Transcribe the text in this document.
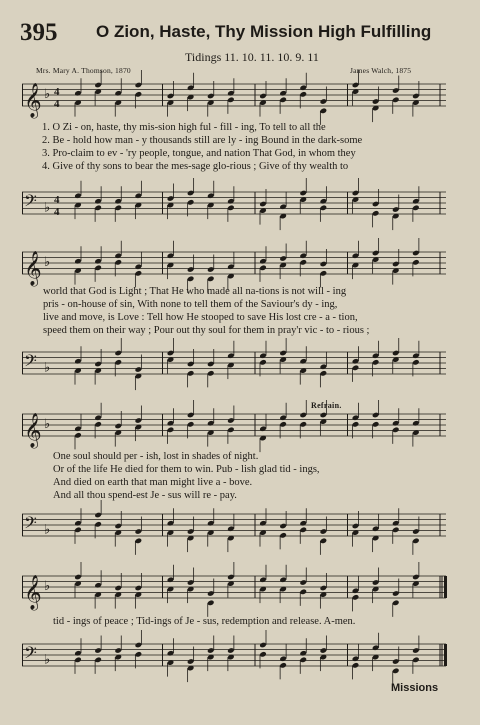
395 O Zion, Haste, Thy Mission High Fulfilling
Tidings 11. 10. 11. 10. 9. 11
Mrs. Mary A. Thomson, 1870	James Walch, 1875
𝄞 ♭ 4
4
1. O Zi - on, haste, thy mis-sion high ful - fill - ing, To tell to all the
2. Be - hold how man - y thousands still are ly - ing Bound in the dark-some
3. Pro-claim to ev - 'ry people, tongue, and nation That God, in whom they
4. Give of thy sons to bear the mes-sage glo-rious ; Give of thy wealth to
𝄢 ♭
4
4
𝄞 ♭
world that God is Light ; That He who made all na-tions is not will - ing
pris - on-house of sin, With none to tell them of the Saviour's dy - ing,
live and move, is Love : Tell how He stooped to save His lost cre - a - tion,
speed them on their way ; Pour out thy soul for them in pray'r vic - to - rious ;
𝄢 ♭
Refrain.
𝄞 ♭
One soul should per - ish, lost in shades of night.
Or of the life He died for them to win. Pub - lish glad tid - ings,
And died on earth that man might live a - bove.
And all thou spend-est Je - sus will re - pay.
𝄢 ♭
𝄞 ♭
tid - ings of peace ; Tid-ings of Je - sus, redemption and release. A-men.
𝄢 ♭
Missions
